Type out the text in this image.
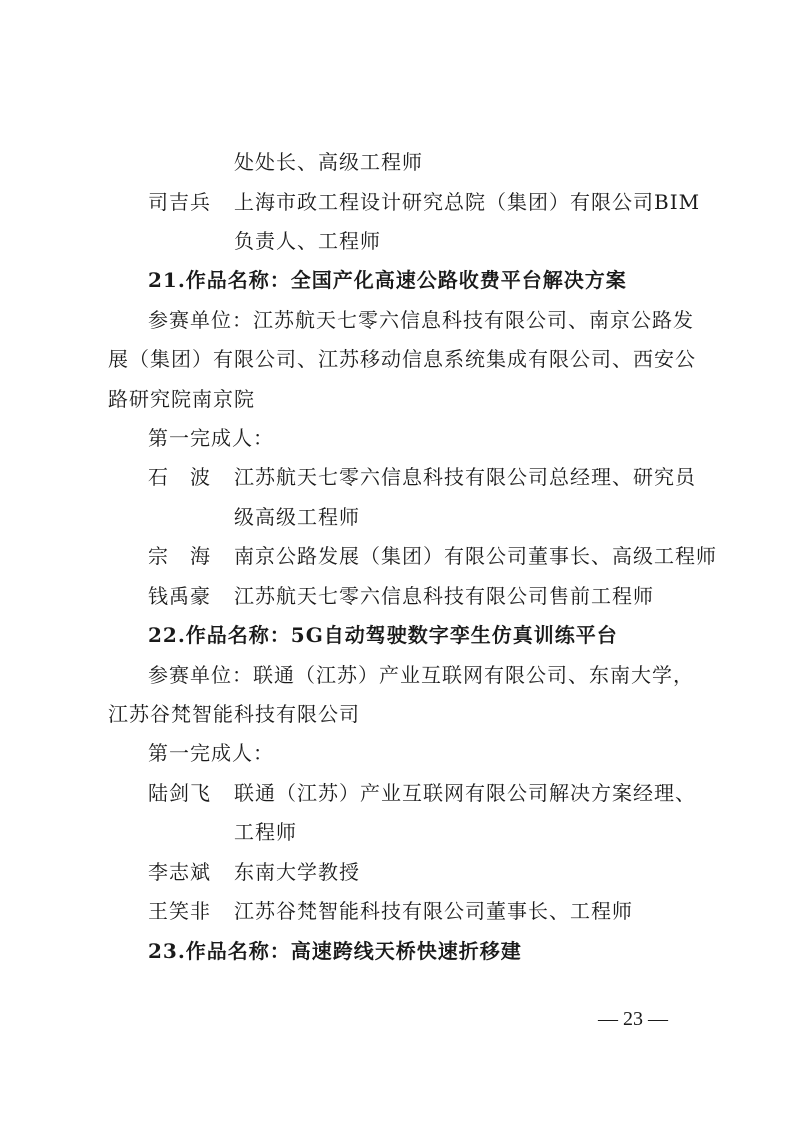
处处长、高级工程师
司吉兵	上海市政工程设计研究总院（集团）有限公司BIM
负责人、工程师
21.作品名称：全国产化高速公路收费平台解决方案
参赛单位：江苏航天七零六信息科技有限公司、南京公路发
展（集团）有限公司、江苏移动信息系统集成有限公司、西安公
路研究院南京院
第一完成人：
石　波	江苏航天七零六信息科技有限公司总经理、研究员
级高级工程师
宗　海	南京公路发展（集团）有限公司董事长、高级工程师
钱禹豪	江苏航天七零六信息科技有限公司售前工程师
22.作品名称：5G自动驾驶数字孪生仿真训练平台
参赛单位：联通（江苏）产业互联网有限公司、东南大学，
江苏谷梵智能科技有限公司
第一完成人：
陆剑飞	联通（江苏）产业互联网有限公司解决方案经理、
工程师
李志斌	东南大学教授
王笑非	江苏谷梵智能科技有限公司董事长、工程师
23.作品名称：高速跨线天桥快速折移建
— 23 —
